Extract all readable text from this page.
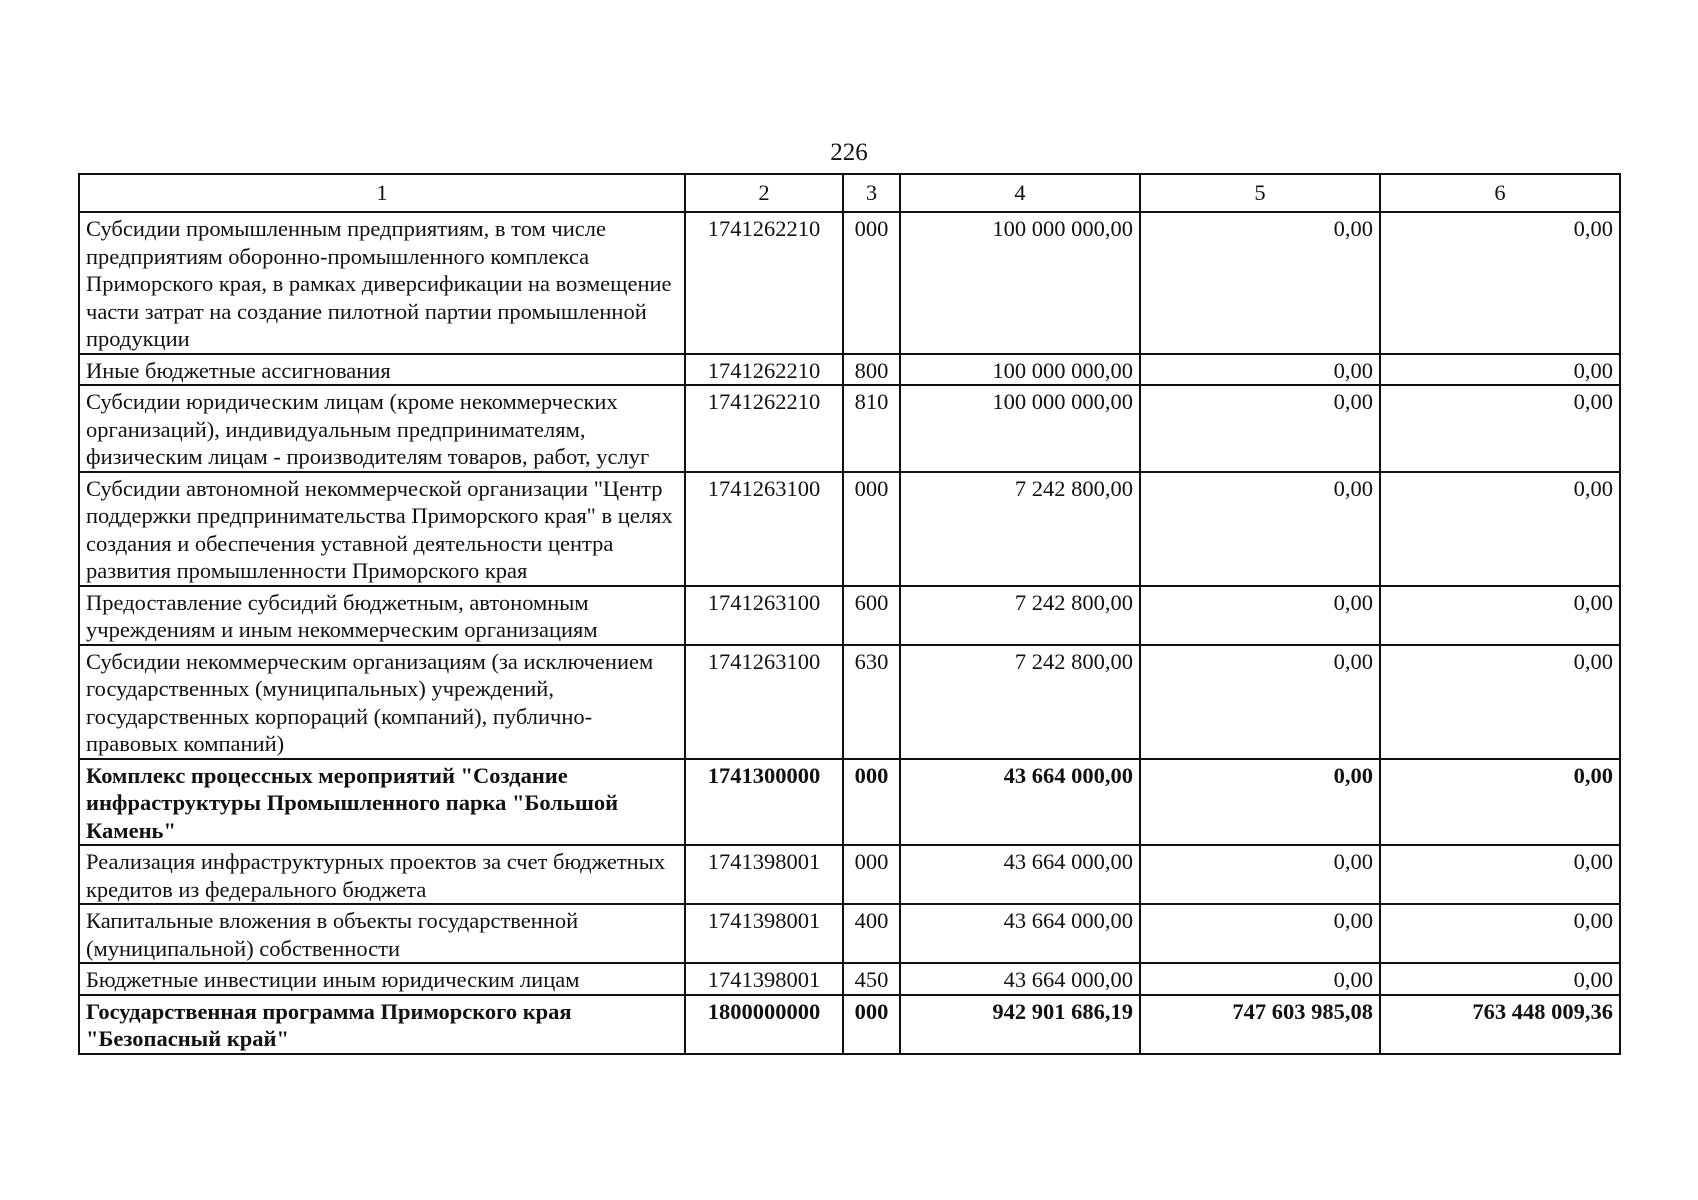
226
1	2	3	4	5	6
Субсидии промышленным предприятиям, в том числе предприятиям оборонно-промышленного комплекса Приморского края, в рамках диверсификации на возмещение части затрат на создание пилотной партии промышленной продукции	1741262210	000	100 000 000,00	0,00	0,00
Иные бюджетные ассигнования	1741262210	800	100 000 000,00	0,00	0,00
Субсидии юридическим лицам (кроме некоммерческих организаций), индивидуальным предпринимателям, физическим лицам - производителям товаров, работ, услуг	1741262210	810	100 000 000,00	0,00	0,00
Субсидии автономной некоммерческой организации "Центр поддержки предпринимательства Приморского края" в целях создания и обеспечения уставной деятельности центра развития промышленности Приморского края	1741263100	000	7 242 800,00	0,00	0,00
Предоставление субсидий бюджетным, автономным учреждениям и иным некоммерческим организациям	1741263100	600	7 242 800,00	0,00	0,00
Субсидии некоммерческим организациям (за исключением государственных (муниципальных) учреждений, государственных корпораций (компаний), публично-правовых компаний)	1741263100	630	7 242 800,00	0,00	0,00
Комплекс процессных мероприятий "Создание инфраструктуры Промышленного парка "Большой Камень"	1741300000	000	43 664 000,00	0,00	0,00
Реализация инфраструктурных проектов за счет бюджетных кредитов из федерального бюджета	1741398001	000	43 664 000,00	0,00	0,00
Капитальные вложения в объекты государственной (муниципальной) собственности	1741398001	400	43 664 000,00	0,00	0,00
Бюджетные инвестиции иным юридическим лицам	1741398001	450	43 664 000,00	0,00	0,00
Государственная программа Приморского края "Безопасный край"	1800000000	000	942 901 686,19	747 603 985,08	763 448 009,36
